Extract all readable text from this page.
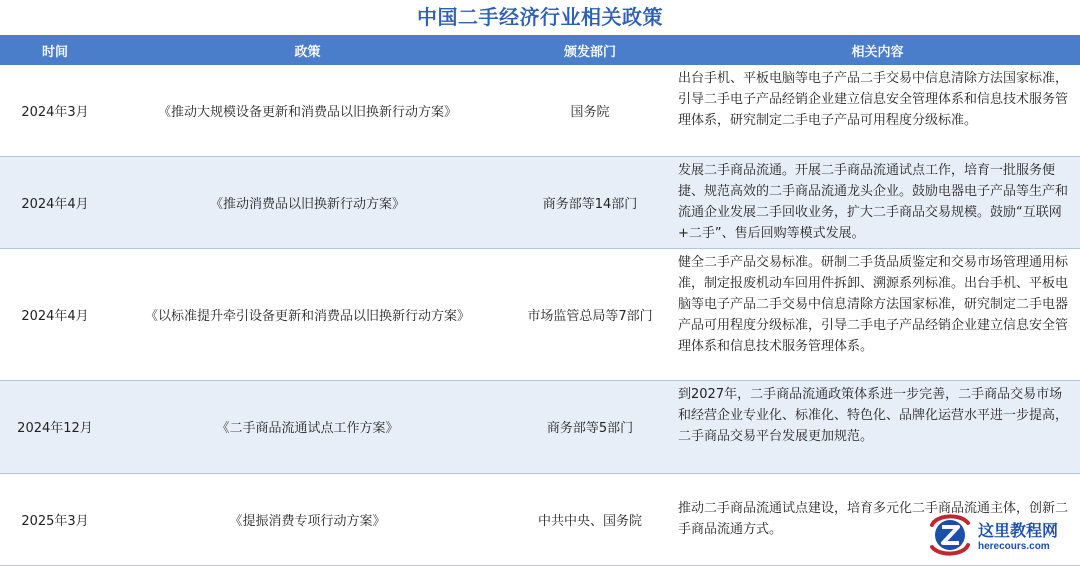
中国二手经济行业相关政策
时间	政策	颁发部门	相关内容
2024年3月	《推动大规模设备更新和消费品以旧换新行动方案》	国务院	出台手机、平板电脑等电子产品二手交易中信息清除方法国家标准，引导二手电子产品经销企业建立信息安全管理体系和信息技术服务管理体系，研究制定二手电子产品可用程度分级标准。
2024年4月	《推动消费品以旧换新行动方案》	商务部等14部门	发展二手商品流通。开展二手商品流通试点工作，培育一批服务便捷、规范高效的二手商品流通龙头企业。鼓励电器电子产品等生产和流通企业发展二手回收业务，扩大二手商品交易规模。鼓励“互联网+二手”、售后回购等模式发展。
2024年4月	《以标准提升牵引设备更新和消费品以旧换新行动方案》	市场监管总局等7部门	健全二手产品交易标准。研制二手货品质鉴定和交易市场管理通用标准，制定报废机动车回用件拆卸、溯源系列标准。出台手机、平板电脑等电子产品二手交易中信息清除方法国家标准，研究制定二手电器产品可用程度分级标准，引导二手电子产品经销企业建立信息安全管理体系和信息技术服务管理体系。
2024年12月	《二手商品流通试点工作方案》	商务部等5部门	到2027年，二手商品流通政策体系进一步完善，二手商品交易市场和经营企业专业化、标准化、特色化、品牌化运营水平进一步提高，二手商品交易平台发展更加规范。
2025年3月	《提振消费专项行动方案》	中共中央、国务院	推动二手商品流通试点建设，培育多元化二手商品流通主体，创新二手商品流通方式。	这里教程网
herecours.com
